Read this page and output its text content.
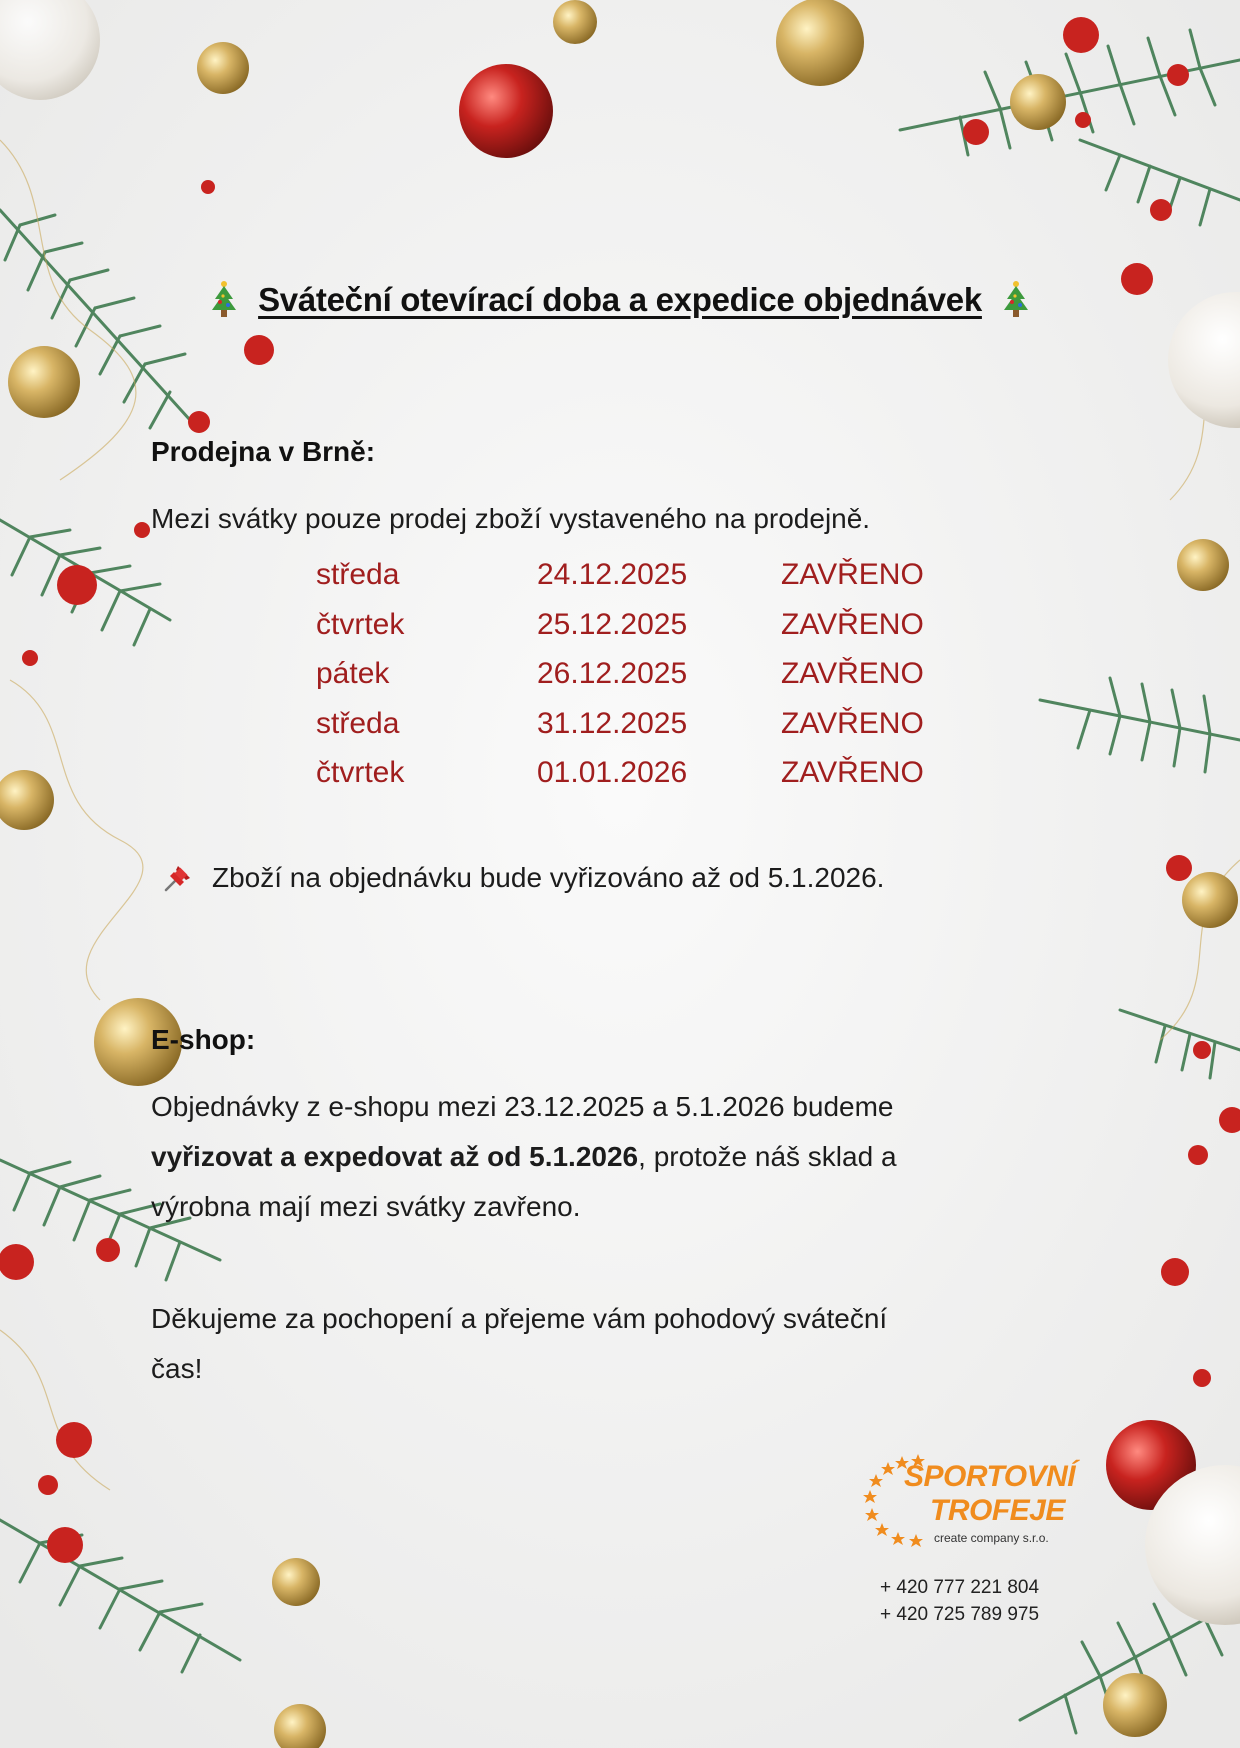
Sváteční otevírací doba a expedice objednávek
Prodejna v Brně:
Mezi svátky pouze prodej zboží vystaveného na prodejně.
středa	24.12.2025	ZAVŘENO
čtvrtek	25.12.2025	ZAVŘENO
pátek	26.12.2025	ZAVŘENO
středa	31.12.2025	ZAVŘENO
čtvrtek	01.01.2026	ZAVŘENO
Zboží na objednávku bude vyřizováno až od 5.1.2026.
E-shop:
Objednávky z e-shopu mezi 23.12.2025 a 5.1.2026 budeme
vyřizovat a expedovat až od 5.1.2026, protože náš sklad a
výrobna mají mezi svátky zavřeno.
Děkujeme za pochopení a přejeme vám pohodový sváteční
čas!
SPORTOVNÍ
TROFEJE
create company s.r.o.
+ 420 777 221 804
+ 420 725 789 975
